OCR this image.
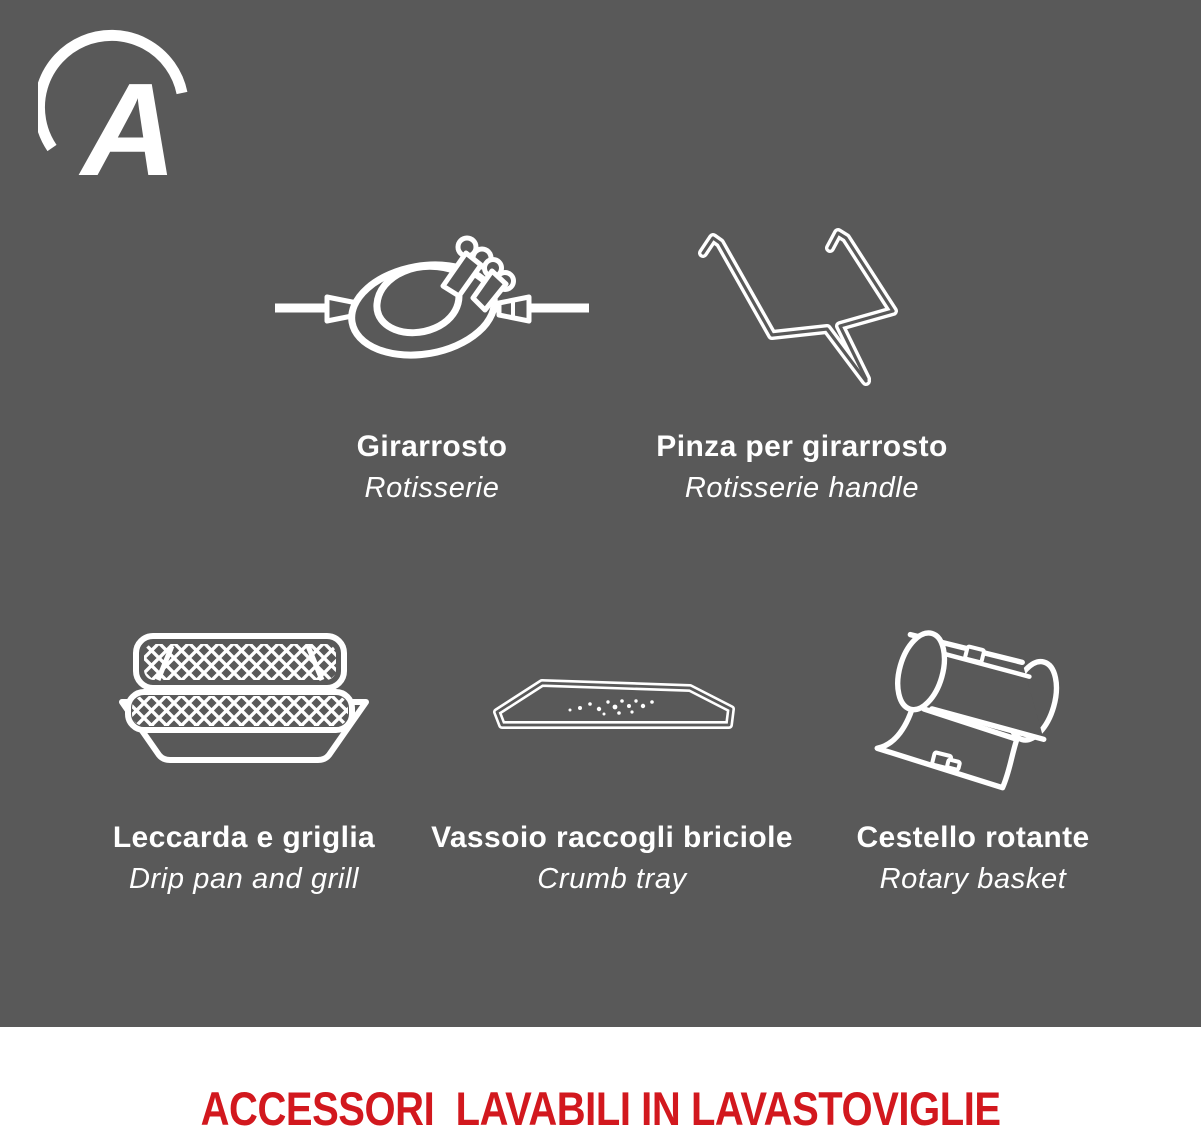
A
Girarrosto
Rotisserie
Pinza per girarrosto
Rotisserie handle
Leccarda e griglia
Drip pan and grill
Vassoio raccogli briciole
Crumb tray
Cestello rotante
Rotary basket
ACCESSORI  LAVABILI IN LAVASTOVIGLIE
